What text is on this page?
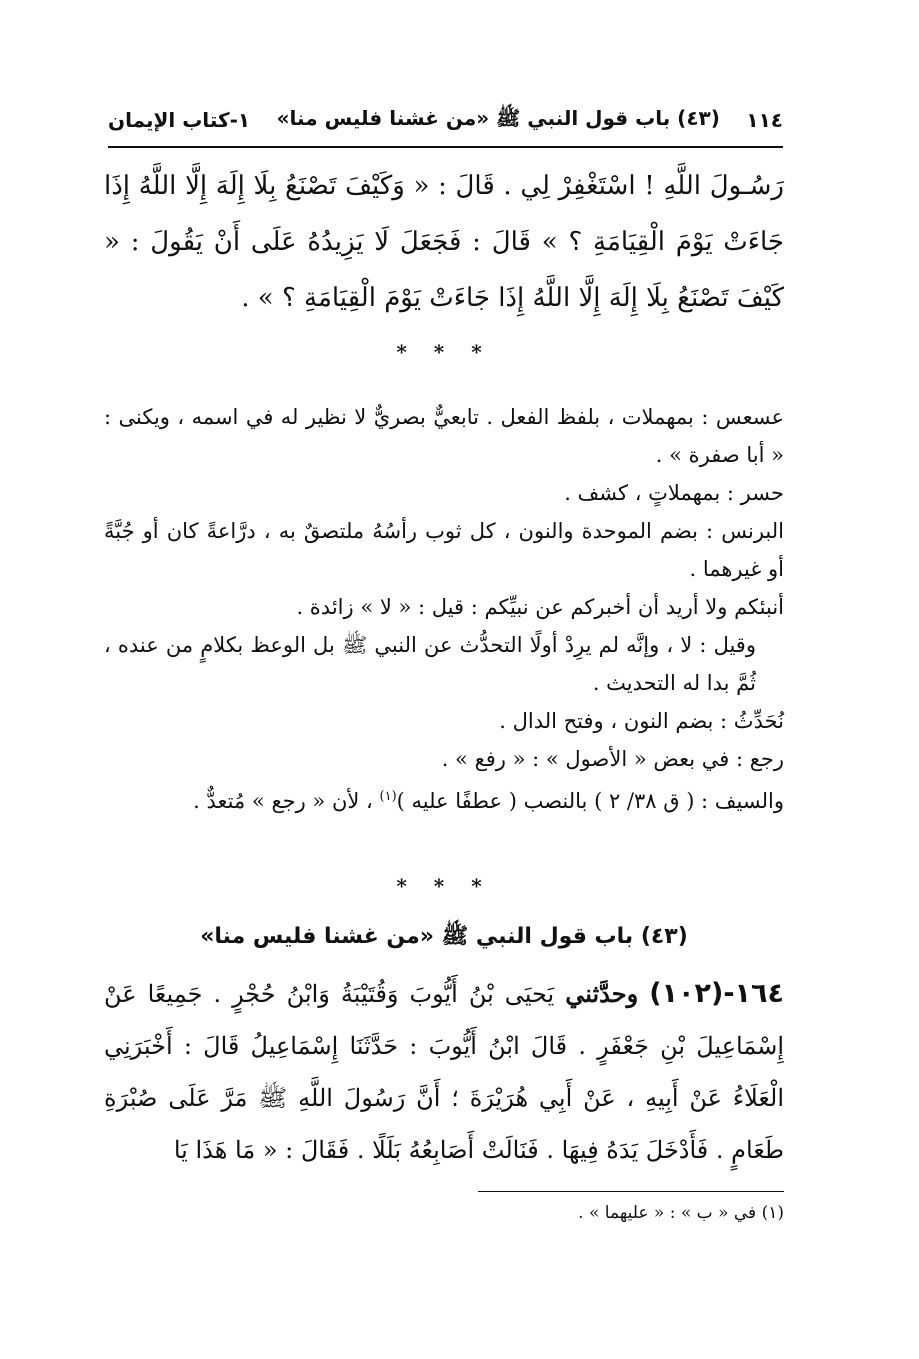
١١٤
(٤٣) باب قول النبي ﷺ «من غشنا فليس منا»
١-كتاب الإيمان
رَسُـولَ اللَّهِ ! اسْتَغْفِرْ لِي . قَالَ : « وَكَيْفَ تَصْنَعُ بِلَا إِلَهَ إِلَّا اللَّهُ إِذَا جَاءَتْ يَوْمَ الْقِيَامَةِ ؟ » قَالَ : فَجَعَلَ لَا يَزِيدُهُ عَلَى أَنْ يَقُولَ : « كَيْفَ تَصْنَعُ بِلَا إِلَهَ إِلَّا اللَّهُ إِذَا جَاءَتْ يَوْمَ الْقِيَامَةِ ؟ » .
* * *

عسعس : بمهملات ، بلفظ الفعل . تابعيٌّ بصريٌّ لا نظير له في اسمه ، ويكنى : « أبا صفرة » .

حسر : بمهملاتٍ ، كشف .

البرنس : بضم الموحدة والنون ، كل ثوب رأسُهُ ملتصقٌ به ، درَّاعةً كان أو جُبَّةً أو غيرهما .

أنبئكم ولا أريد أن أخبركم عن نبيِّكم : قيل : « لا » زائدة .

وقيل : لا ، وإنَّه لم يرِدْ أولًا التحدُّث عن النبي ﷺ بل الوعظ بكلامٍ من عنده ، ثُمَّ بدا له التحديث .

نُحَدِّثُ : بضم النون ، وفتح الدال .

رجع : في بعض « الأصول » : « رفع » .

والسيف : ( ق ٣٨/ ٢ ) بالنصب ( عطفًا عليه )$^{(١)}$ ، لأن « رجع » مُتعدٌّ .

* * *
(٤٣) باب قول النبي ﷺ «من غشنا فليس منا»
١٦٤-(١٠٢) وحدَّثني يَحيَى بْنُ أَيُّوبَ وَقُتَيْبَةُ وَابْنُ حُجْرٍ . جَمِيعًا عَنْ إِسْمَاعِيلَ بْنِ جَعْفَرٍ . قَالَ ابْنُ أَيُّوبَ : حَدَّثَنَا إِسْمَاعِيلُ قَالَ : أَخْبَرَنِي الْعَلَاءُ عَنْ أَبِيهِ ، عَنْ أَبِي هُرَيْرَةَ ؛ أَنَّ رَسُولَ اللَّهِ ﷺ مَرَّ عَلَى صُبْرَةِ طَعَامٍ . فَأَدْخَلَ يَدَهُ فِيهَا . فَنَالَتْ أَصَابِعُهُ بَلَلًا . فَقَالَ : « مَا هَذَا يَا
(١) في « ب » : « عليهما » .
